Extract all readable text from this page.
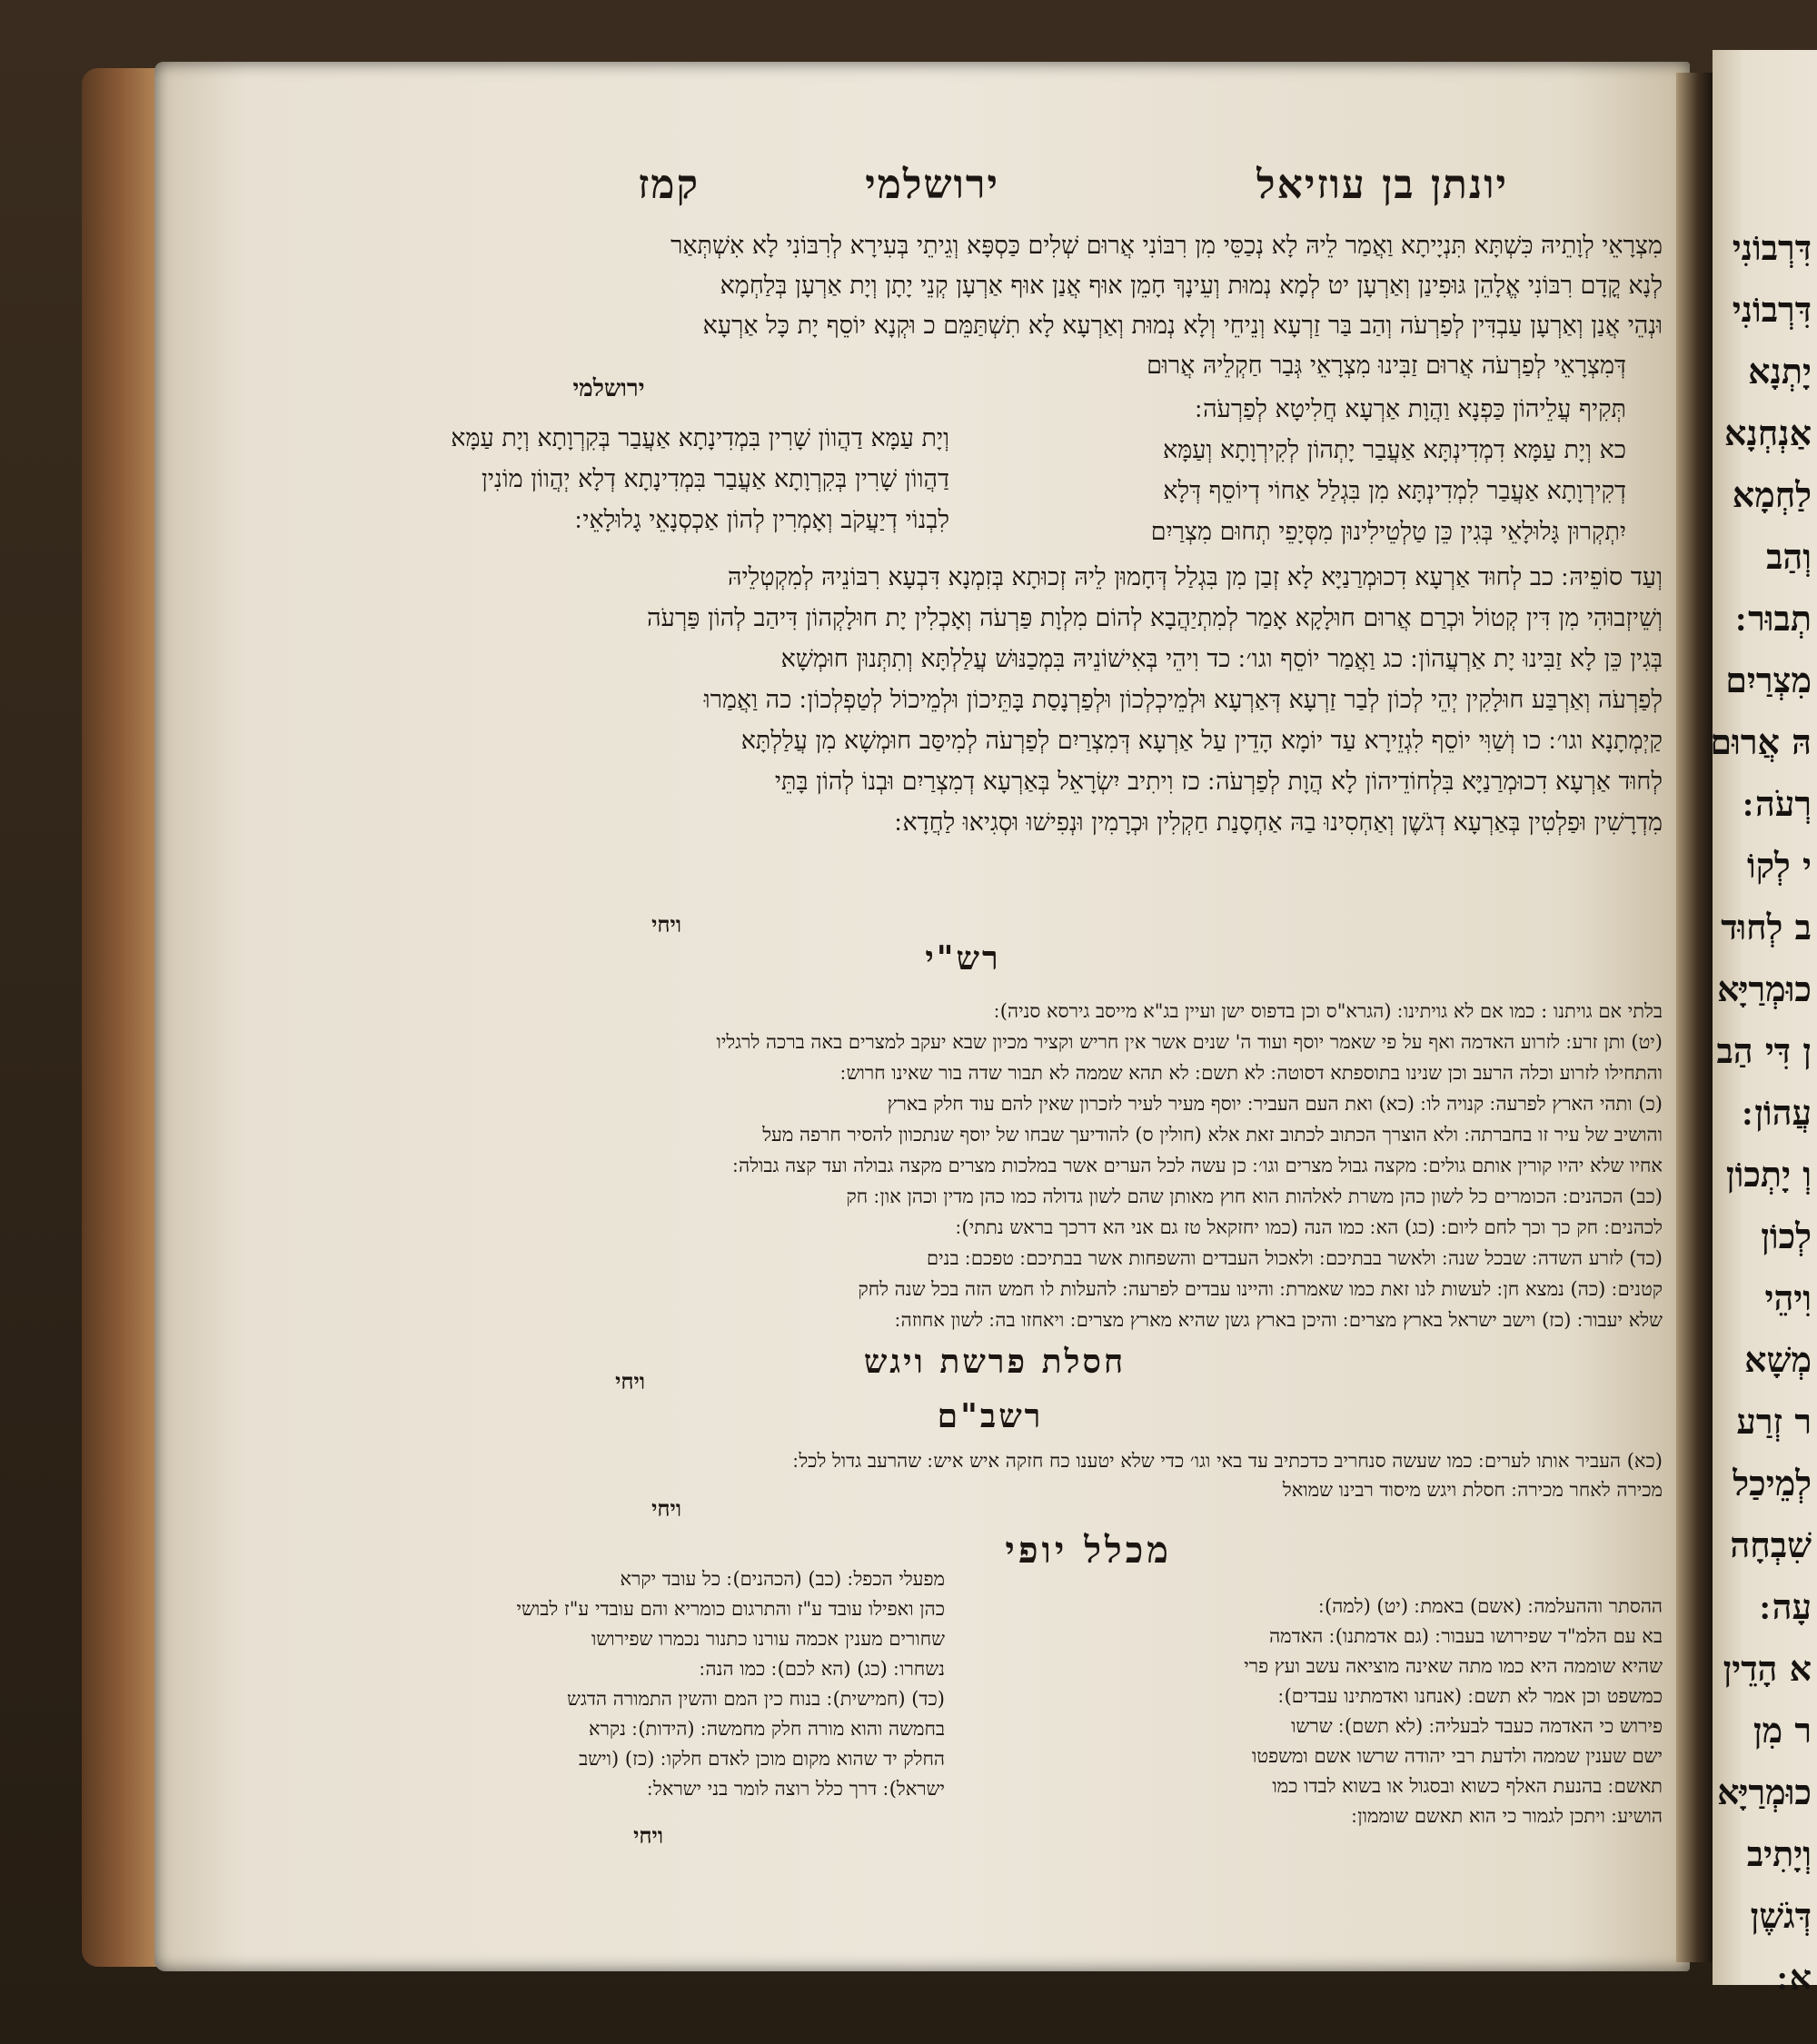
יונתן בן עוזיאל
ירושלמי
קמז
מִצְרָאֵי לְוָתֵיהּ כִּשְׁתָּא תִּנְיָיתָא וַאֲמַר לֵיהּ לָא נְכַסֵּי מִן רִבּוֹנִי אֲרוּם שְׁלִים כַּסְפָּא וְגֵיתֵי בְּעִירָא לְרִבּוֹנִי לָא אִשְׁתְּאַר
לְנָא קֳדָם רִבּוֹנִי אֱלָהֵן גּוּפִינַן וְאַרְעָן יט לְמָא נְמוּת וְעֵינָךְ חָמֵן אוּף אֲנַן אוּף אַרְעָן קְנֵי יָתָן וְיָת אַרְעָן בְּלַחְמָא
וּנְהֵי אֲנַן וְאַרְעָן עַבְדִּין לְפַרְעֹה וְהַב בַּר זַרְעָא וְנֵיחֵי וְלָא נְמוּת וְאַרְעָא לָא תִשְׁתַּמֵּם כ וּקְנָא יוֹסֵף יָת כָּל אַרְעָא
דְּמִצְרָאֵי לְפַרְעֹה אֲרוּם זַבִּינוּ מִצְרָאֵי גְּבַר חַקְלֵיהּ אֲרוּם
תְּקִיף עֲלֵיהוֹן כַּפְנָא וַהֲוָת אַרְעָא חֲלִיטָא לְפַרְעֹה ׃
כא וְיָת עַמָּא דִמְדִינְתָּא אַעֲבַר יָתְהוֹן לְקִירְוָתָא וְעַמָּא
דְקִירְוָתָא אַעֲבַר לִמְדִינְתָּא מִן בִּגְלַל אַחוֹי דְיוֹסֵף דְּלָא
יִתְקְרוּן גָּלוּלָאֵי בְּגִין כֵּן טַלְטֵילִינוּן מִסְּיָפֵי תְחוּם מִצְרַיִם
וְעַד סוֹפֵיהּ ׃ כב לְחוּד אַרְעָא דִכוּמְרַנַיָּא לָא זְבַן מִן בִּגְלַל דְּחָמוּן לֵיהּ זְכוּתָא בְּזִמְנָא דִּבְעָא רִבּוֹנֵיהּ לְמִקְטְלֵיהּ
וְשֵׁיזְבוּהִי מִן דִּין קְטוֹל וּכְרַם אֲרוּם חוּלָקָא אָמַר לְמִתְיַהֲבָא לְהוֹם מִלְוָת פַּרְעֹה וְאָכְלִין יָת חוּלָקְהוֹן דִּיהַב לְהוֹן פַּרְעֹה
בְּגִין כֵּן לָא זַבִּינוּ יָת אַרְעֲהוֹן ׃ כג וַאֲמַר יוֹסֵף וגו׳ ׃ כד וִיהֵי בְּאִישׁוֹנֵיהּ בִּמְכַנּוּשׁ עֲלַלְתָּא וְתִתְּנוּן חוּמְשָׁא
לְפַרְעֹה וְאַרְבַּע חוּלָקִין יְהֵי לְכוֹן לְבַר זַרְעָא דְּאַרְעָא וּלְמֵיכְלְכוֹן וּלְפַרְנָסַת בָּתֵּיכוֹן וּלְמֵיכוֹל לְטַפְלְכוֹן ׃ כה וַאֲמַרוּ
קַיְמְתָנָא וגו׳ ׃ כו וְשַׁוִּי יוֹסֵף לִגְזֵירָא עַד יוֹמָא הָדֵין עַל אַרְעָא דְּמִצְרַיִם לְפַרְעֹה לְמִיסַּב חוּמְשָׁא מִן עֲלַלְתָּא
לְחוּד אַרְעָא דִכוּמְרַנַיָּא בִּלְחוֹדֵיהוֹן לָא הֲוָת לְפַרְעֹה ׃ כז וִיתִיב יִשְׂרָאֵל בְּאַרְעָא דְמִצְרַיִם וּבְנוֹ לְהוֹן בָּתֵּי
מִדְרָשִׁין וּפַלְטִין בְּאַרְעָא דְגֹשֶׁן וְאַחְסִינוּ בַהּ אַחְסָנַת חַקְלִין וּכְרָמִין וּנְפִישׁוּ וּסְגִיאוּ לַחֲדָא ׃
ירושלמי
וְיָת עַמָּא דַהֲווֹן שָׁרִין בִּמְדִינָתָא אַעֲבַר בְּקִרְוָתָא וְיָת עַמָּא
דַהֲווֹן שָׁרִין בְּקִרְוָתָא אַעֲבַר בִּמְדִינָתָא דְלָא יְהֲווֹן מוֹנִין
לִבְנוֹי דְיַעֲקֹב וְאָמְרִין לְהוֹן אַכְסְנָאֵי גָלוּלָאֵי ׃
ויחי
רש"י
בלתי אם גויתנו : כמו אם לא גויתינו ׃ (הגרא"ס וכן בדפוס ישן ועיין בג"א מייסב גירסא סניה) ׃
(יט) ותן זרע ׃ לזרוע האדמה ואף על פי שאמר יוסף ועוד ה' שנים אשר אין חריש וקציר מכיון שבא יעקב למצרים באה ברכה לרגליו
והתחילו לזרוע וכלה הרעב וכן שנינו בתוספתא דסוטה ׃ לא תשם ׃ לא תהא שממה לא תבור שדה בור שאינו חרוש ׃
(כ) ותהי הארץ לפרעה ׃ קנויה לו ׃ (כא) ואת העם העביר ׃ יוסף מעיר לעיר לזכרון שאין להם עוד חלק בארץ
והושיב של עיר זו בחברתה ׃ ולא הוצרך הכתוב לכתוב זאת אלא (חולין ס) להודיעך שבחו של יוסף שנתכוון להסיר חרפה מעל
אחיו שלא יהיו קורין אותם גולים ׃ מקצה גבול מצרים וגו׳ ׃ כן עשה לכל הערים אשר במלכות מצרים מקצה גבולה ועד קצה גבולה ׃
(כב) הכהנים ׃ הכומרים כל לשון כהן משרת לאלהות הוא חוץ מאותן שהם לשון גדולה כמו כהן מדין וכהן און ׃ חק
לכהנים ׃ חק כך וכך לחם ליום ׃ (כג) הא ׃ כמו הנה (כמו יחזקאל טז גם אני הא דרכך בראש נתתי) ׃
(כד) לזרע השדה ׃ שבכל שנה ׃ ולאשר בבתיכם ׃ ולאכול העבדים והשפחות אשר בבתיכם ׃ טפכם ׃ בנים
קטנים ׃ (כה) נמצא חן ׃ לעשות לנו זאת כמו שאמרת ׃ והיינו עבדים לפרעה ׃ להעלות לו חמש הזה בכל שנה לחק
שלא יעבור ׃ (כז) וישב ישראל בארץ מצרים ׃ והיכן בארץ גשן שהיא מארץ מצרים ׃ ויאחזו בה ׃ לשון אחוזה ׃
חסלת פרשת ויגש
ויחי
רשב"ם
(כא) העביר אותו לערים ׃ כמו שעשה סנחריב כדכתיב עד באי וגו׳ כדי שלא יטענו כח חזקה איש איש ׃ שהרעב גדול לכל ׃
מכירה לאחר מכירה ׃ חסלת ויגש מיסוד רבינו שמואל
ויחי
מכלל יופי
ההסתר וההעלמה ׃ (אשם) באמת ׃ (יט) (למה) ׃
בא עם הלמ"ד שפירושו בעבור ׃ (גם אדמתנו) ׃ האדמה
שהיא שוממה היא כמו מתה שאינה מוציאה עשב ועץ פרי
כמשפט וכן אמר לא תשם ׃ (אנחנו ואדמתינו עבדים) ׃
פירוש כי האדמה כעבד לבעליה ׃ (לא תשם) ׃ שרשו
ישם שענין שממה ולדעת רבי יהודה שרשו אשם ומשפטו
תאשם ׃ בהנעת האלף כשוא ובסגול או בשוא לבדו כמו
הושיע ׃ ויתכן לגמור כי הוא תאשם שוממון ׃
מפעלי הכפל ׃ (כב) (הכהנים) ׃ כל עובד יקרא
כהן ואפילו עובד ע"ז והתרגום כומריא והם עובדי ע"ז לבושי
שחורים מענין אכמה עורנו כתנור נכמרו שפירושו
נשחרו ׃ (כג) (הא לכם) ׃ כמו הנה ׃
(כד) (חמישית) ׃ בנוח כין המם והשין התמורה הדגש
בחמשה והוא מורה חלק מחמשה ׃ (הידות) ׃ נקרא
החלק יד שהוא מקום מוכן לאדם חלקו ׃ (כז) (וישב
ישראל) ׃ דרך כלל רוצה לומר בני ישראל ׃
ויחי
דִּרְבוֹנִי
דִּרְבוֹנִי
יָתְנָא
אַנְחְנָא
לַחְמָא
וְהַב
תְבוּר ׃
מִצְרַיִם
הּ אֲרוּם
רְעֹה ׃
י לְקוֹ
ב לְחוּד
כוּמְרַיָּא
ן דִּי הַב
עֲהוֹן ׃
וְ יָתְכוֹן
לְכוֹן
וִיהֵי
מְשָׁא
ר זְרַע
לְמֵיכַל
שִׁבְחָה
עָה ׃
א הָדֵין
ר מִן
כוּמְרַיָּא
וְיָתִיב
דְּגֹשֶׁן
א ׃
